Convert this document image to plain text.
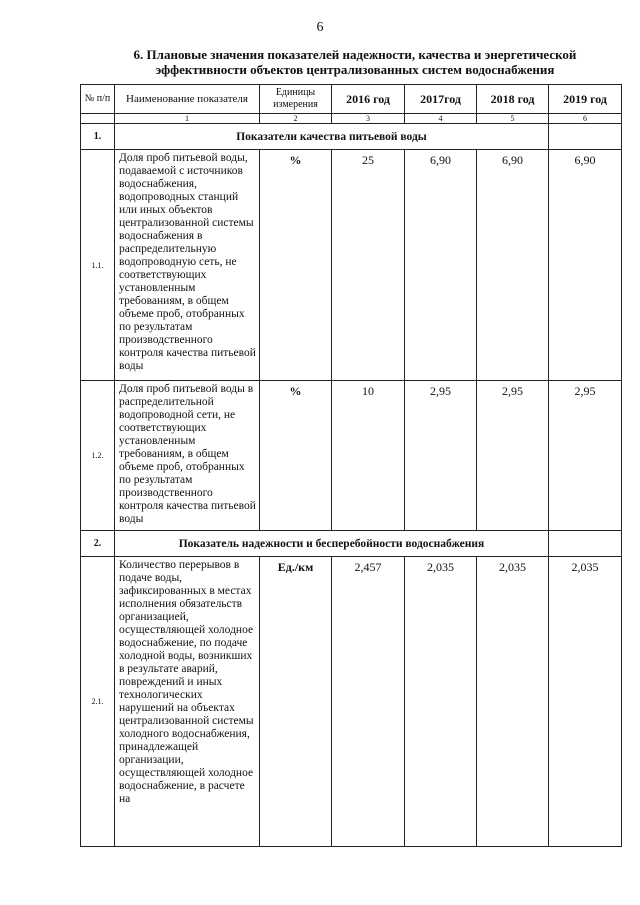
6
6. Плановые значения показателей надежности, качества и энергетической
эффективности объектов централизованных систем водоснабжения
№ п/п	Наименование показателя	Единицы измерения	2016 год	2017год	2018 год	2019 год
	1	2	3	4	5	6
1.	Показатели качества питьевой воды					
1.1.	Доля проб питьевой воды, подаваемой с источников водоснабжения, водопроводных станций или иных объектов централизованной системы водоснабжения в распределительную водопроводную сеть, не соответствующих установленным требованиям, в общем объеме проб, отобранных по результатам производственного контроля качества питьевой воды	%	25	6,90	6,90	6,90
1.2.	Доля проб питьевой воды в распределительной водопроводной сети, не соответствующих установленным требованиям, в общем объеме проб, отобранных по результатам производственного контроля качества питьевой воды	%	10	2,95	2,95	2,95
2.	Показатель надежности и бесперебойности водоснабжения					
2.1.	Количество перерывов в подаче воды, зафиксированных в местах исполнения обязательств организацией, осуществляющей холодное водоснабжение, по подаче холодной воды, возникших в результате аварий, повреждений и иных технологических нарушений на объектах централизованной системы холодного водоснабжения, принадлежащей организации, осуществляющей холодное водоснабжение, в расчете на	Ед./км	2,457	2,035	2,035	2,035
